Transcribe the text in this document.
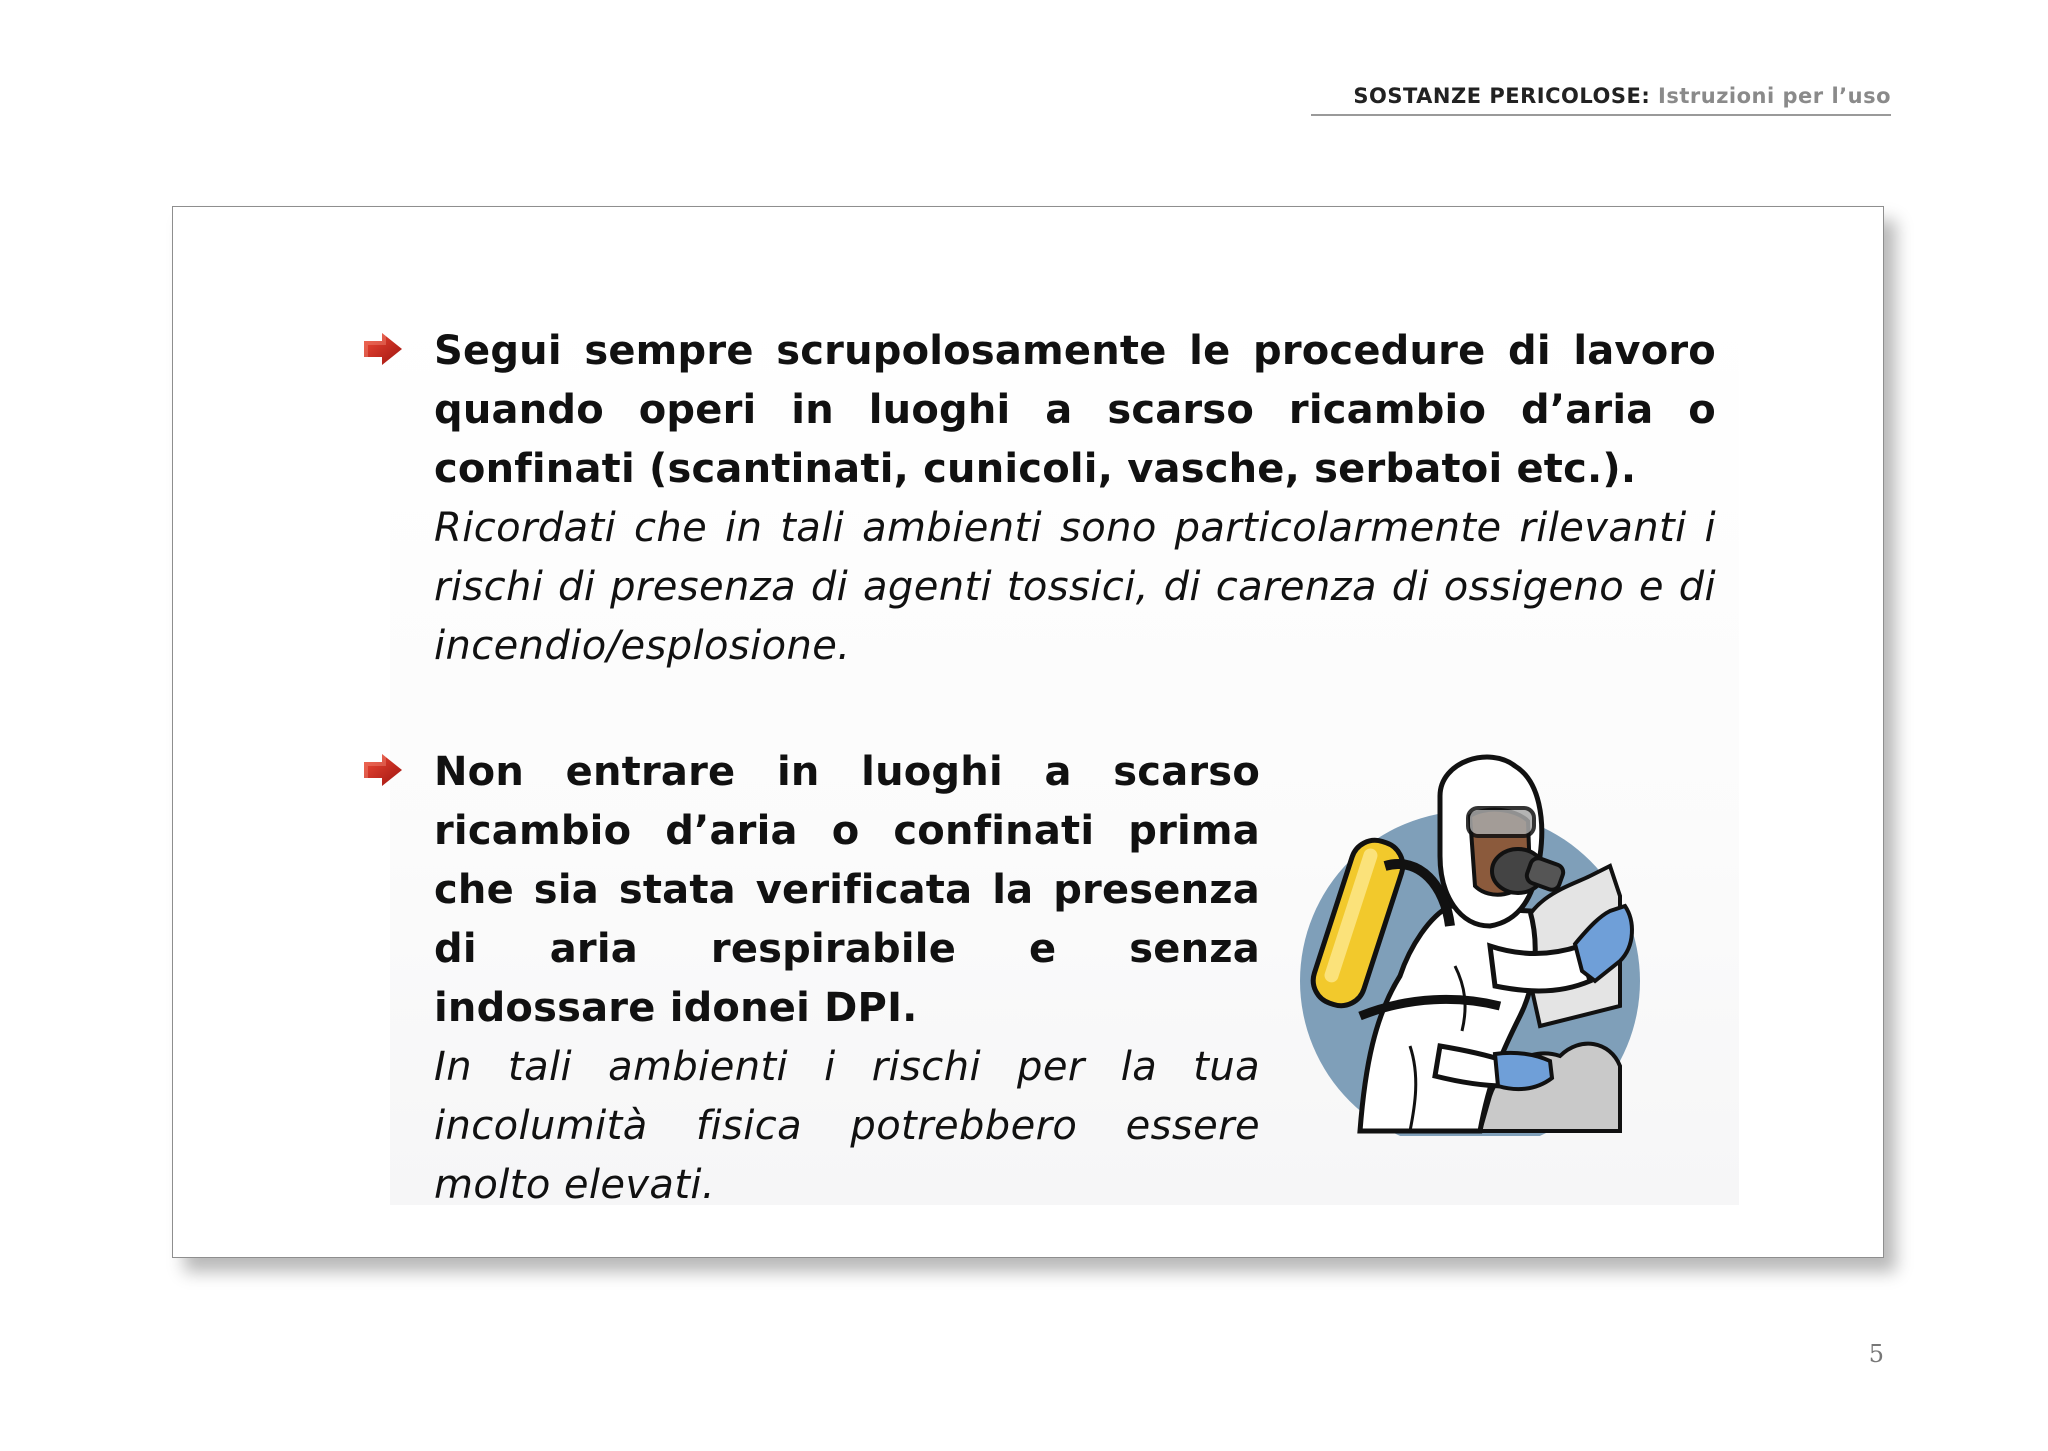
SOSTANZE PERICOLOSE: Istruzioni per l’uso
Segui sempre scrupolosamente le procedure di lavoro quando operi in luoghi a scarso ricambio d’aria o confinati (scantinati, cunicoli, vasche, serbatoi etc.).
Ricordati che in tali ambienti sono particolarmente rilevanti i rischi di presenza di agenti tossici, di carenza di ossigeno e di incendio/esplosione.
Non entrare in luoghi a scarso ricambio d’aria o confinati prima che sia stata verificata la presenza di aria respirabile e senza indossare idonei DPI.
In tali ambienti i rischi per la tua incolumità fisica potrebbero essere molto elevati.
5
